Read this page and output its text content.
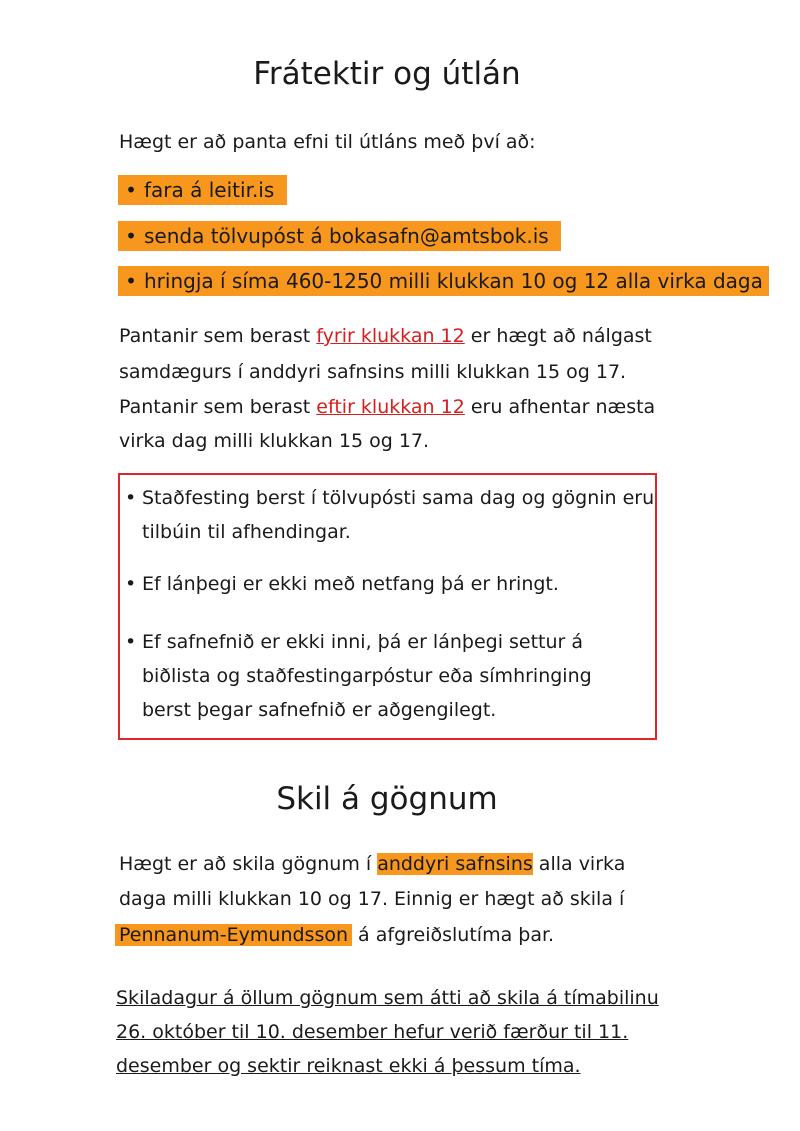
Frátektir og útlán
Hægt er að panta efni til útláns með því að:
• fara á leitir.is
• senda tölvupóst á bokasafn@amtsbok.is
• hringja í síma 460-1250 milli klukkan 10 og 12 alla virka daga
Pantanir sem berast fyrir klukkan 12 er hægt að nálgast
samdægurs í anddyri safnsins milli klukkan 15 og 17.
Pantanir sem berast eftir klukkan 12 eru afhentar næsta
virka dag milli klukkan 15 og 17.
• Staðfesting berst í tölvupósti sama dag og gögnin eru
tilbúin til afhendingar.
• Ef lánþegi er ekki með netfang þá er hringt.
• Ef safnefnið er ekki inni, þá er lánþegi settur á
biðlista og staðfestingarpóstur eða símhringing
berst þegar safnefnið er aðgengilegt.
Skil á gögnum
Hægt er að skila gögnum í anddyri safnsins alla virka
daga milli klukkan 10 og 17. Einnig er hægt að skila í
Pennanum-Eymundsson á afgreiðslutíma þar.
Skiladagur á öllum gögnum sem átti að skila á tímabilinu
26. október til 10. desember hefur verið færður til 11.
desember og sektir reiknast ekki á þessum tíma.
